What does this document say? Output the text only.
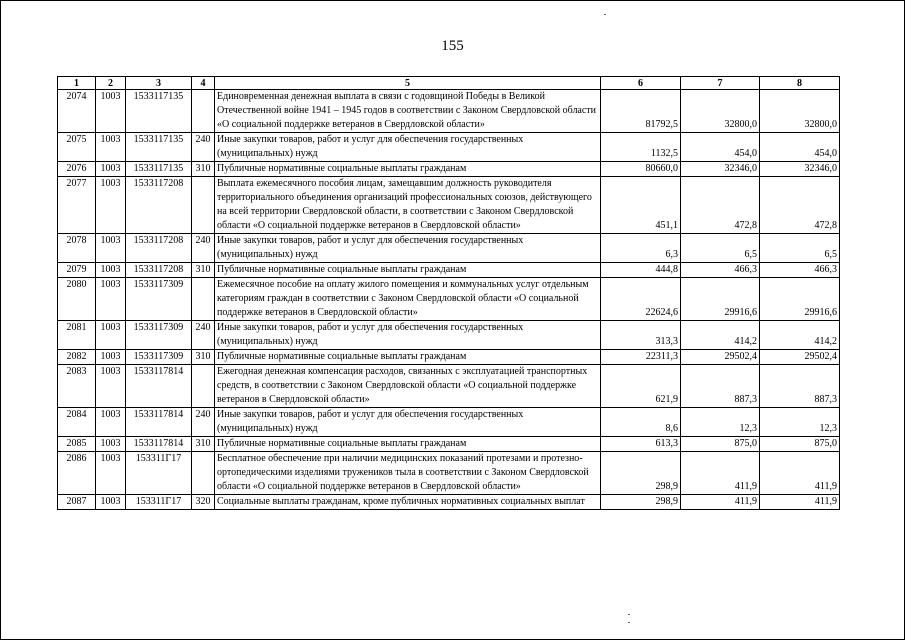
155
1	2	3	4	5	6	7	8
2074	1003	1533117135		Единовременная денежная выплата в связи с годовщиной Победы в Великой Отечественной войне 1941 – 1945 годов в соответствии с Законом Свердловской области «О социальной поддержке ветеранов в Свердловской области»	81792,5	32800,0	32800,0
2075	1003	1533117135	240	Иные закупки товаров, работ и услуг для обеспечения государственных (муниципальных) нужд	1132,5	454,0	454,0
2076	1003	1533117135	310	Публичные нормативные социальные выплаты гражданам	80660,0	32346,0	32346,0
2077	1003	1533117208		Выплата ежемесячного пособия лицам, замещавшим должность руководителя территориального объединения организаций профессиональных союзов, действующего на всей территории Свердловской области, в соответствии с Законом Свердловской области «О социальной поддержке ветеранов в Свердловской области»	451,1	472,8	472,8
2078	1003	1533117208	240	Иные закупки товаров, работ и услуг для обеспечения государственных (муниципальных) нужд	6,3	6,5	6,5
2079	1003	1533117208	310	Публичные нормативные социальные выплаты гражданам	444,8	466,3	466,3
2080	1003	1533117309		Ежемесячное пособие на оплату жилого помещения и коммунальных услуг отдельным категориям граждан в соответствии с Законом Свердловской области «О социальной поддержке ветеранов в Свердловской области»	22624,6	29916,6	29916,6
2081	1003	1533117309	240	Иные закупки товаров, работ и услуг для обеспечения государственных (муниципальных) нужд	313,3	414,2	414,2
2082	1003	1533117309	310	Публичные нормативные социальные выплаты гражданам	22311,3	29502,4	29502,4
2083	1003	1533117814		Ежегодная денежная компенсация расходов, связанных с эксплуатацией транспортных средств, в соответствии с Законом Свердловской области «О социальной поддержке ветеранов в Свердловской области»	621,9	887,3	887,3
2084	1003	1533117814	240	Иные закупки товаров, работ и услуг для обеспечения государственных (муниципальных) нужд	8,6	12,3	12,3
2085	1003	1533117814	310	Публичные нормативные социальные выплаты гражданам	613,3	875,0	875,0
2086	1003	153311Г17		Бесплатное обеспечение при наличии медицинских показаний протезами и протезно-ортопедическими изделиями тружеников тыла в соответствии с Законом Свердловской области «О социальной поддержке ветеранов в Свердловской области»	298,9	411,9	411,9
2087	1003	153311Г17	320	Социальные выплаты гражданам, кроме публичных нормативных социальных выплат	298,9	411,9	411,9
